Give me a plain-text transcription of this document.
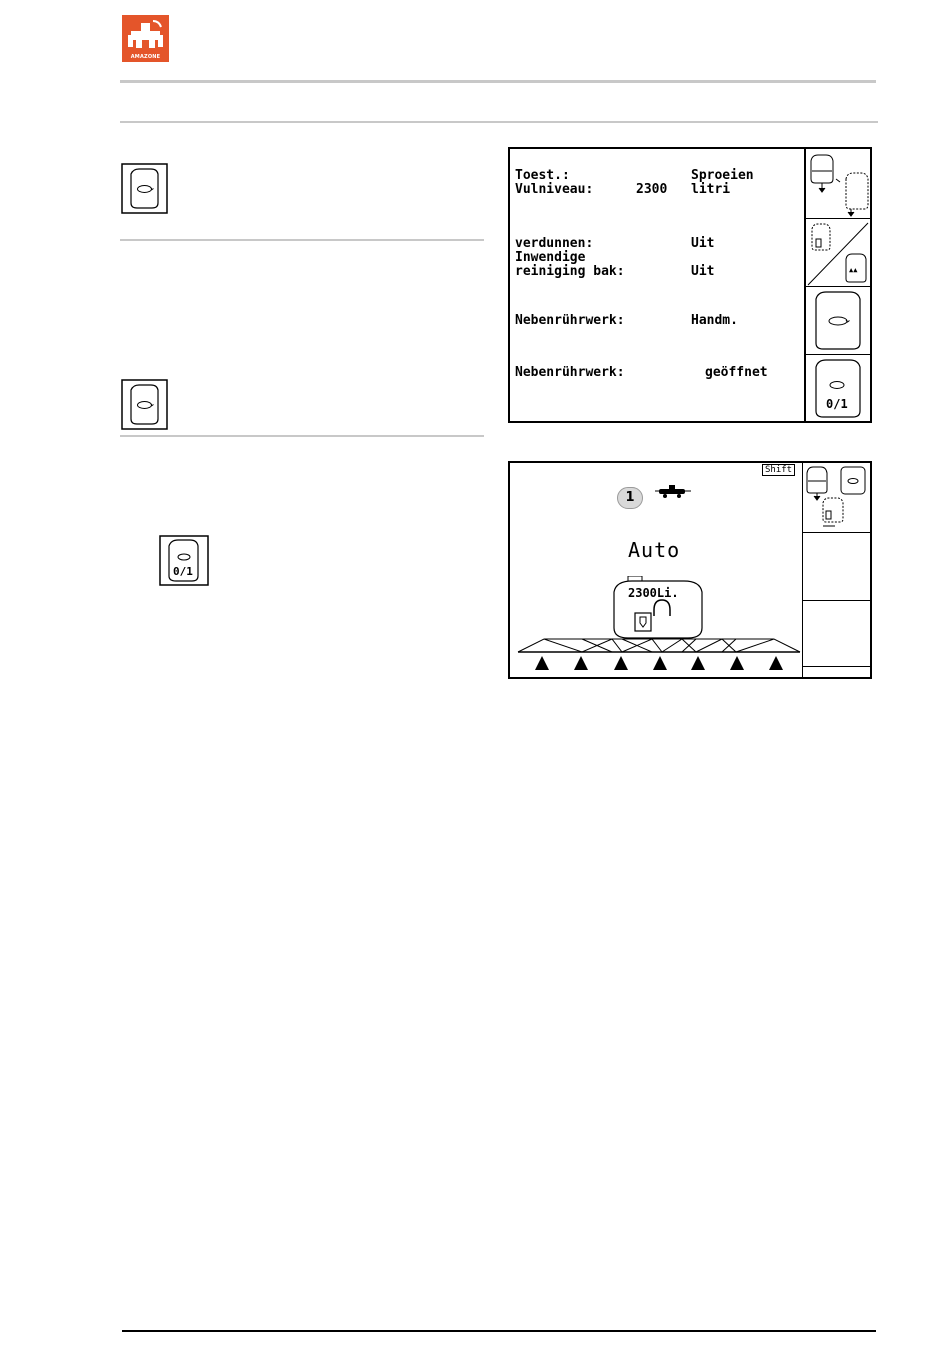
AMAZONE
0/1
Toest.:	Sproeien
Vulniveau:	2300 litri
verdunnen:	Uit
Inwendige
reiniging bak:	Uit
Nebenrührwerk:	Handm.
Nebenrührwerk:	geöffnet
▲▲
0/1
Shift
1
Auto
2300Li.
